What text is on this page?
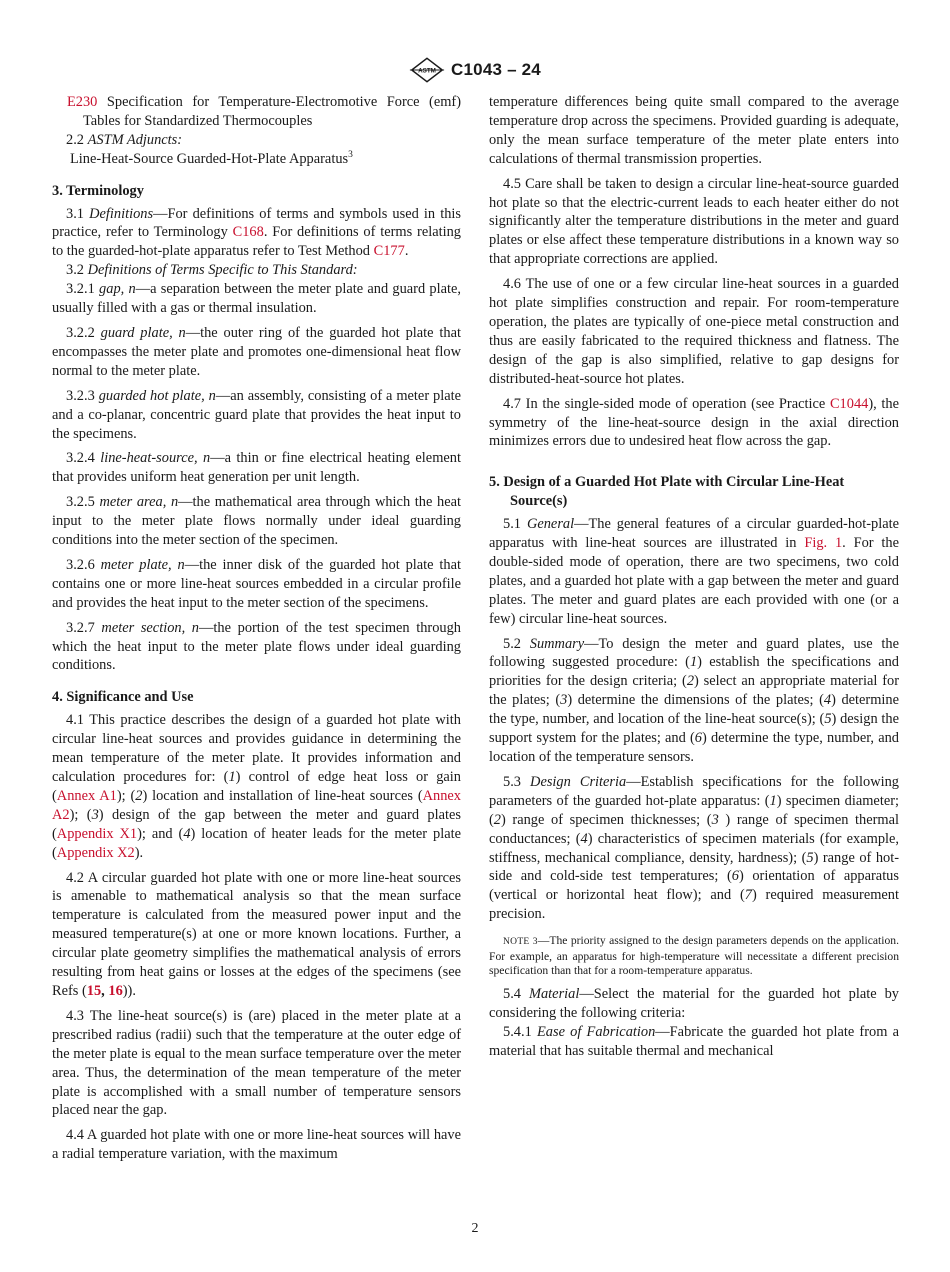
ASTM C1043 – 24

E230 Specification for Temperature-Electromotive Force (emf) Tables for Standardized Thermocouples

2.2 ASTM Adjuncts:

Line-Heat-Source Guarded-Hot-Plate Apparatus$^3$

3. Terminology

3.1 Definitions—For definitions of terms and symbols used in this practice, refer to Terminology C168. For definitions of terms relating to the guarded-hot-plate apparatus refer to Test Method C177.

3.2 Definitions of Terms Specific to This Standard:

3.2.1 gap, n—a separation between the meter plate and guard plate, usually filled with a gas or thermal insulation.

3.2.2 guard plate, n—the outer ring of the guarded hot plate that encompasses the meter plate and promotes one-dimensional heat flow normal to the meter plate.

3.2.3 guarded hot plate, n—an assembly, consisting of a meter plate and a co-planar, concentric guard plate that provides the heat input to the specimens.

3.2.4 line-heat-source, n—a thin or fine electrical heating element that provides uniform heat generation per unit length.

3.2.5 meter area, n—the mathematical area through which the heat input to the meter plate flows normally under ideal guarding conditions into the meter section of the specimen.

3.2.6 meter plate, n—the inner disk of the guarded hot plate that contains one or more line-heat sources embedded in a circular profile and provides the heat input to the meter section of the specimens.

3.2.7 meter section, n—the portion of the test specimen through which the heat input to the meter plate flows under ideal guarding conditions.

4. Significance and Use

4.1 This practice describes the design of a guarded hot plate with circular line-heat sources and provides guidance in determining the mean temperature of the meter plate. It provides information and calculation procedures for: (1) control of edge heat loss or gain (Annex A1); (2) location and installation of line-heat sources (Annex A2); (3) design of the gap between the meter and guard plates (Appendix X1); and (4) location of heater leads for the meter plate (Appendix X2).

4.2 A circular guarded hot plate with one or more line-heat sources is amenable to mathematical analysis so that the mean surface temperature is calculated from the measured power input and the measured temperature(s) at one or more known locations. Further, a circular plate geometry simplifies the mathematical analysis of errors resulting from heat gains or losses at the edges of the specimens (see Refs (15, 16)).

4.3 The line-heat source(s) is (are) placed in the meter plate at a prescribed radius (radii) such that the temperature at the outer edge of the meter plate is equal to the mean surface temperature over the meter area. Thus, the determination of the mean temperature of the meter plate is accomplished with a small number of temperature sensors placed near the gap.

4.4 A guarded hot plate with one or more line-heat sources will have a radial temperature variation, with the maximum

temperature differences being quite small compared to the average temperature drop across the specimens. Provided guarding is adequate, only the mean surface temperature of the meter plate enters into calculations of thermal transmission properties.

4.5 Care shall be taken to design a circular line-heat-source guarded hot plate so that the electric-current leads to each heater either do not significantly alter the temperature distributions in the meter and guard plates or else affect these temperature distributions in a known way so that appropriate corrections are applied.

4.6 The use of one or a few circular line-heat sources in a guarded hot plate simplifies construction and repair. For room-temperature operation, the plates are typically of one-piece metal construction and thus are easily fabricated to the required thickness and flatness. The design of the gap is also simplified, relative to gap designs for distributed-heat-source hot plates.

4.7 In the single-sided mode of operation (see Practice C1044), the symmetry of the line-heat-source design in the axial direction minimizes errors due to undesired heat flow across the gap.

5. Design of a Guarded Hot Plate with Circular Line-Heat Source(s)

5.1 General—The general features of a circular guarded-hot-plate apparatus with line-heat sources are illustrated in Fig. 1. For the double-sided mode of operation, there are two specimens, two cold plates, and a guarded hot plate with a gap between the meter and guard plates. The meter and guard plates are each provided with one (or a few) circular line-heat sources.

5.2 Summary—To design the meter and guard plates, use the following suggested procedure: (1) establish the specifications and priorities for the design criteria; (2) select an appropriate material for the plates; (3) determine the dimensions of the plates; (4) determine the type, number, and location of the line-heat source(s); (5) design the support system for the plates; and (6) determine the type, number, and location of the temperature sensors.

5.3 Design Criteria—Establish specifications for the following parameters of the guarded hot-plate apparatus: (1) specimen diameter; (2) range of specimen thicknesses; (3 ) range of specimen thermal conductances; (4) characteristics of specimen materials (for example, stiffness, mechanical compliance, density, hardness); (5) range of hot-side and cold-side test temperatures; (6) orientation of apparatus (vertical or horizontal heat flow); and (7) required measurement precision.

NOTE 3—The priority assigned to the design parameters depends on the application. For example, an apparatus for high-temperature will necessitate a different precision specification than that for a room-temperature apparatus.

5.4 Material—Select the material for the guarded hot plate by considering the following criteria:

5.4.1 Ease of Fabrication—Fabricate the guarded hot plate from a material that has suitable thermal and mechanical

2
